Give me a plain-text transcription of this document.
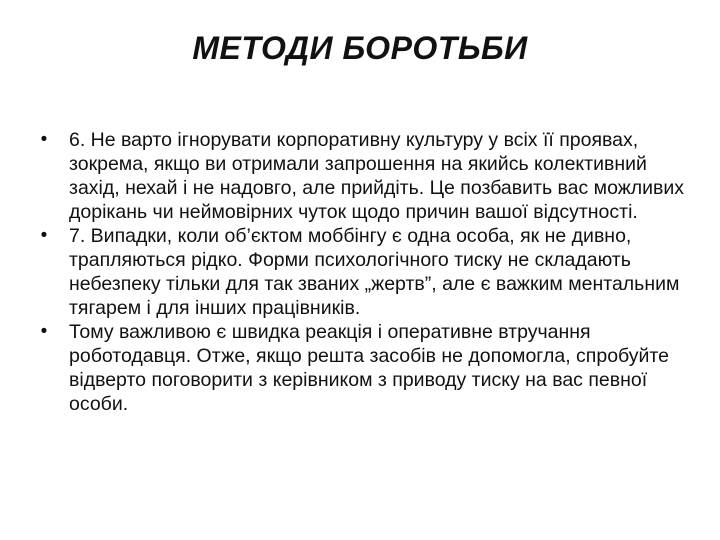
МЕТОДИ БОРОТЬБИ
• 6. Не варто ігнорувати корпоративну культуру у всіх її проявах, зокрема, якщо ви отримали запрошення на якийсь колективний захід, нехай і не надовго, але прийдіть. Це позбавить вас можливих дорікань чи неймовірних чуток щодо причин вашої відсутності.
• 7. Випадки, коли об’єктом моббінгу є одна особа, як не дивно, трапляються рідко. Форми психологічного тиску не складають небезпеку тільки для так званих „жертв”, але є важким ментальним тягарем і для інших працівників.
• Тому важливою є швидка реакція і оперативне втручання роботодавця. Отже, якщо решта засобів не допомогла, спробуйте відверто поговорити з керівником з приводу тиску на вас певної особи.
